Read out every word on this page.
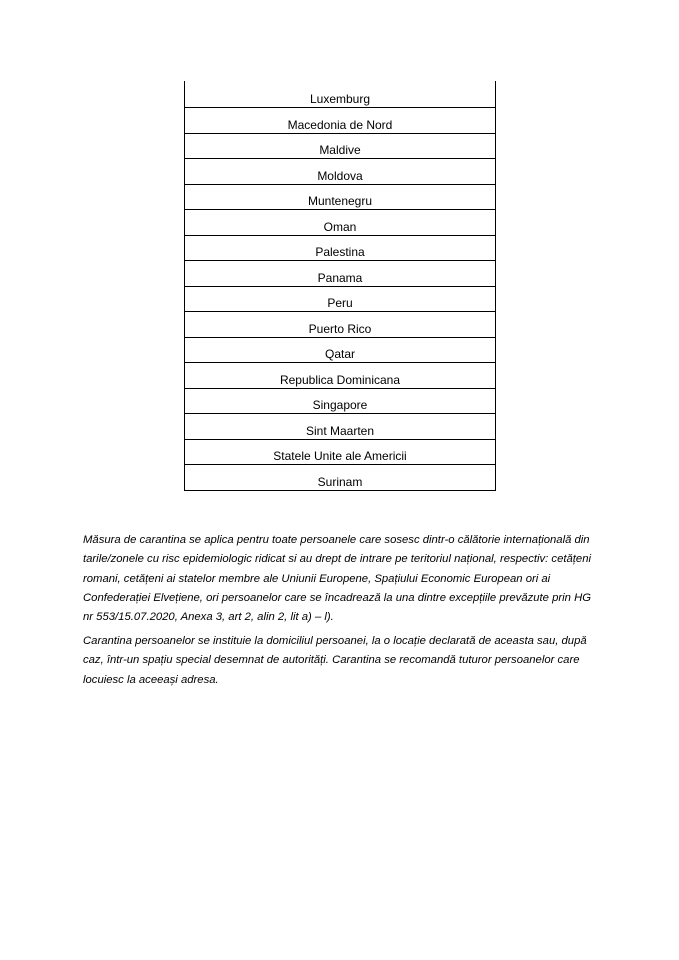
Luxemburg
Macedonia de Nord
Maldive
Moldova
Muntenegru
Oman
Palestina
Panama
Peru
Puerto Rico
Qatar
Republica Dominicana
Singapore
Sint Maarten
Statele Unite ale Americii
Surinam

Măsura de carantina se aplica pentru toate persoanele care sosesc dintr-o călătorie internațională din tarile/zonele cu risc epidemiologic ridicat si au drept de intrare pe teritoriul național, respectiv: cetățeni romani, cetățeni ai statelor membre ale Uniunii Europene, Spațiului Economic European ori ai Confederației Elvețiene, ori persoanelor care se încadrează la una dintre excepțiile prevăzute prin HG nr 553/15.07.2020, Anexa 3, art 2, alin 2, lit a) – l).

Carantina persoanelor se instituie la domiciliul persoanei, la o locație declarată de aceasta sau, după caz, într-un spațiu special desemnat de autorități. Carantina se recomandă tuturor persoanelor care locuiesc la aceeași adresa.
